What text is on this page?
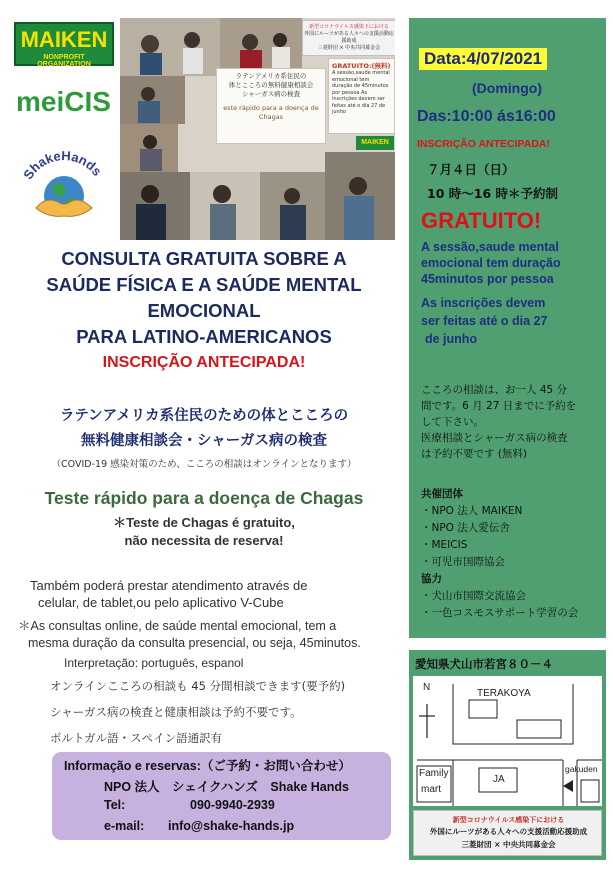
MAIKEN
NONPROFIT ORGANIZATION
meiCIS
ShakeHands
ラテンアメリカ系住民の
体とこころの無料健康相談会
シャーガス病の検査
este rápido para a doença de Chagas
GRATUITO:(無料)
A sessão,saude mental emocional tem duração de 45minutos por pessoa As inscrições devem ser feitas até o dia 27 de junho
新型コロナウイルス感染下における
外国にルーツがある人々への支援活動応援助成
三菱財団 × 中央共同募金会
MAIKEN
CONSULTA GRATUITA SOBRE A
SAÚDE FÍSICA E A SAÚDE MENTAL
EMOCIONAL
PARA LATINO-AMERICANOS
INSCRIÇÃO ANTECIPADA!
ラテンアメリカ系住民のための体とこころの
無料健康相談会・シャーガス病の検査
（COVID-19 感染対策のため、こころの相談はオンラインとなります）
Teste rápido para a doença de Chagas
＊Teste de Chagas é gratuito,
não necessita de reserva!
Também poderá prestar atendimento através de
celular, de tablet,ou pelo aplicativo V-Cube
＊As consultas online, de saúde mental emocional, tem a
mesma duração da consulta presencial, ou seja, 45minutos.
Interpretação: português, espanol
オンラインこころの相談も 45 分間相談できます(要予約)
シャーガス病の検査と健康相談は予約不要です。
ポルトガル語・スペイン語通訳有
Informação e reservas:（ご予約・お問い合わせ）
NPO 法人　シェイクハンズ　Shake Hands
Tel:	090-9940-2939
e-mail: info@shake-hands.jp
Data:4/07/2021
(Domingo)
Das:10:00 ás16:00
INSCRIÇÃO ANTECIPADA!
７月４日（日）
10 時〜16 時＊予約制
GRATUITO!
A sessão,saude mental
emocional tem duração
45minutos por pessoa
As inscrições devem
ser feitas até o dia 27
de junho
こころの相談は、お一人 45 分
間です。6 月 27 日までに予約を
して下さい。
医療相談とシャーガス病の検査
は予約不要です (無料)
共催団体
・NPO 法人 MAIKEN
・NPO 法人愛伝舎
・MEICIS
・可児市国際協会
協力
・犬山市国際交流協会
・一色コスモスサポート学習の会
愛知県犬山市若宮８０－４
N
TERAKOYA
Family
mart
JA
gakuden
新型コロナウイルス感染下における
外国にルーツがある人々への支援活動応援助成
三菱財団 × 中央共同募金会
